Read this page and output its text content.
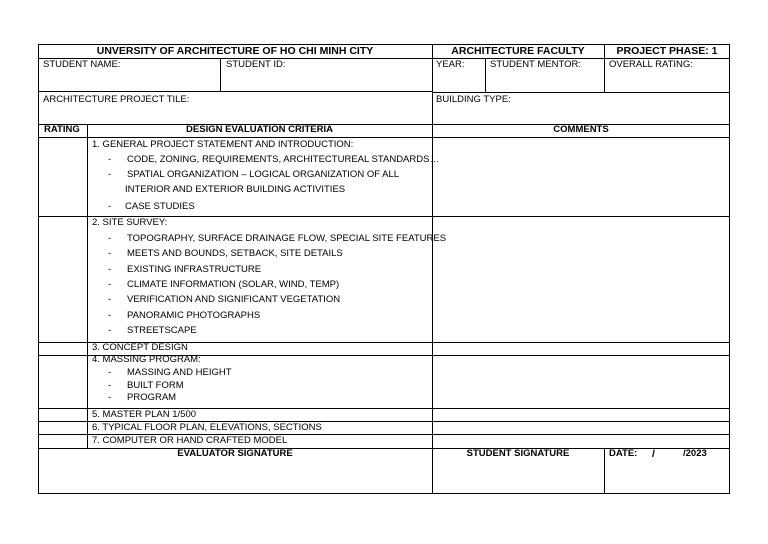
UNVERSITY OF ARCHITECTURE OF HO CHI MINH CITY	ARCHITECTURE FACULTY	PROJECT PHASE: 1
STUDENT NAME:	STUDENT ID:	YEAR:	STUDENT MENTOR:	OVERALL RATING:
ARCHITECTURE PROJECT TILE:	BUILDING TYPE:
RATING	DESIGN EVALUATION CRITERIA	COMMENTS
1. GENERAL PROJECT STATEMENT AND INTRODUCTION:
- CODE, ZONING, REQUIREMENTS, ARCHITECTUREAL STANDARDS…
- SPATIAL ORGANIZATION – LOGICAL ORGANIZATION OF ALL
INTERIOR AND EXTERIOR BUILDING ACTIVITIES
- CASE STUDIES
2. SITE SURVEY:
- TOPOGRAPHY, SURFACE DRAINAGE FLOW, SPECIAL SITE FEATURES
- MEETS AND BOUNDS, SETBACK, SITE DETAILS
- EXISTING INFRASTRUCTURE
- CLIMATE INFORMATION (SOLAR, WIND, TEMP)
- VERIFICATION AND SIGNIFICANT VEGETATION
- PANORAMIC PHOTOGRAPHS
- STREETSCAPE
3. CONCEPT DESIGN
4. MASSING PROGRAM:
- MASSING AND HEIGHT
- BUILT FORM
- PROGRAM
5. MASTER PLAN 1/500
6. TYPICAL FLOOR PLAN, ELEVATIONS, SECTIONS
7. COMPUTER OR HAND CRAFTED MODEL
EVALUATOR SIGNATURE	STUDENT SIGNATURE	DATE: /	/2023
